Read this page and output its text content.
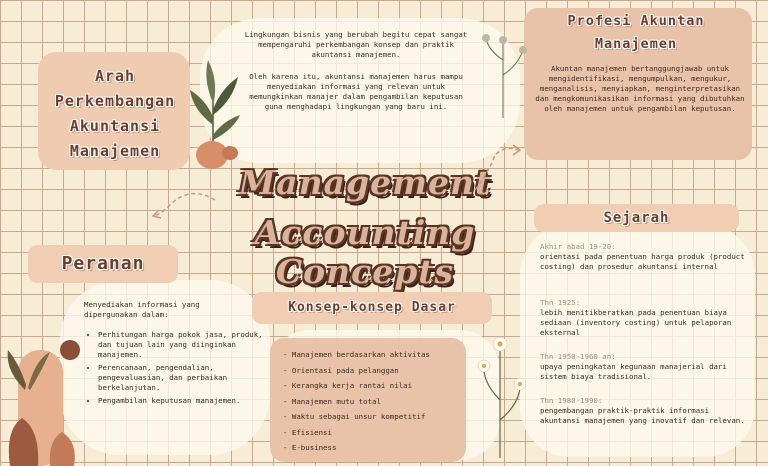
Management
Accounting Concepts
Lingkungan bisnis yang berubah begitu cepat sangat mempengaruhi perkembangan konsep dan praktik akuntansi manajemen.
Oleh karena itu, akuntansi manajemen harus mampu menyediakan informasi yang relevan untuk memungkinkan manajer dalam pengambilan keputusan guna menghadapi lingkungan yang baru ini.
Arah
Perkembangan
Akuntansi
Manajemen
Profesi Akuntan
Manajemen
Akuntan manajemen bertanggungjawab untuk mengidentifikasi, mengumpulkan, mengukur, menganalisis, menyiapkan, menginterpretasikan dan mengkomunikasikan informasi yang dibutuhkan oleh manajemen untuk pengambilan keputusan.
Peranan
Menyediakan informasi yang dipergunakan dalam:
• Perhitungan harga pokok jasa, produk, dan tujuan lain yang diinginkan manajemen.
• Perencanaan, pengendalian, pengevaluasian, dan perbaikan berkelanjutan.
• Pengambilan keputusan manajemen.
Konsep-konsep Dasar
- Manajemen berdasarkan aktivitas
- Orientasi pada pelanggan
- Kerangka kerja rantai nilai
- Manajemen mutu total
- Waktu sebagai unsur kompetitif
- Efisiensi
- E-business
Sejarah
Akhir abad 19-20:
orientasi pada penentuan harga produk (product costing) dan prosedur akuntansi internal
Thn 1925:
lebih menitikberatkan pada penentuan biaya sediaan (inventory costing) untuk pelaporan eksternal
Thn 1950-1960 an:
upaya peningkatan kegunaan manajerial dari sistem biaya tradisional.
Thn 1980-1990:
pengembangan praktik-praktik informasi akuntansi manajemen yang inovatif dan relevan.
